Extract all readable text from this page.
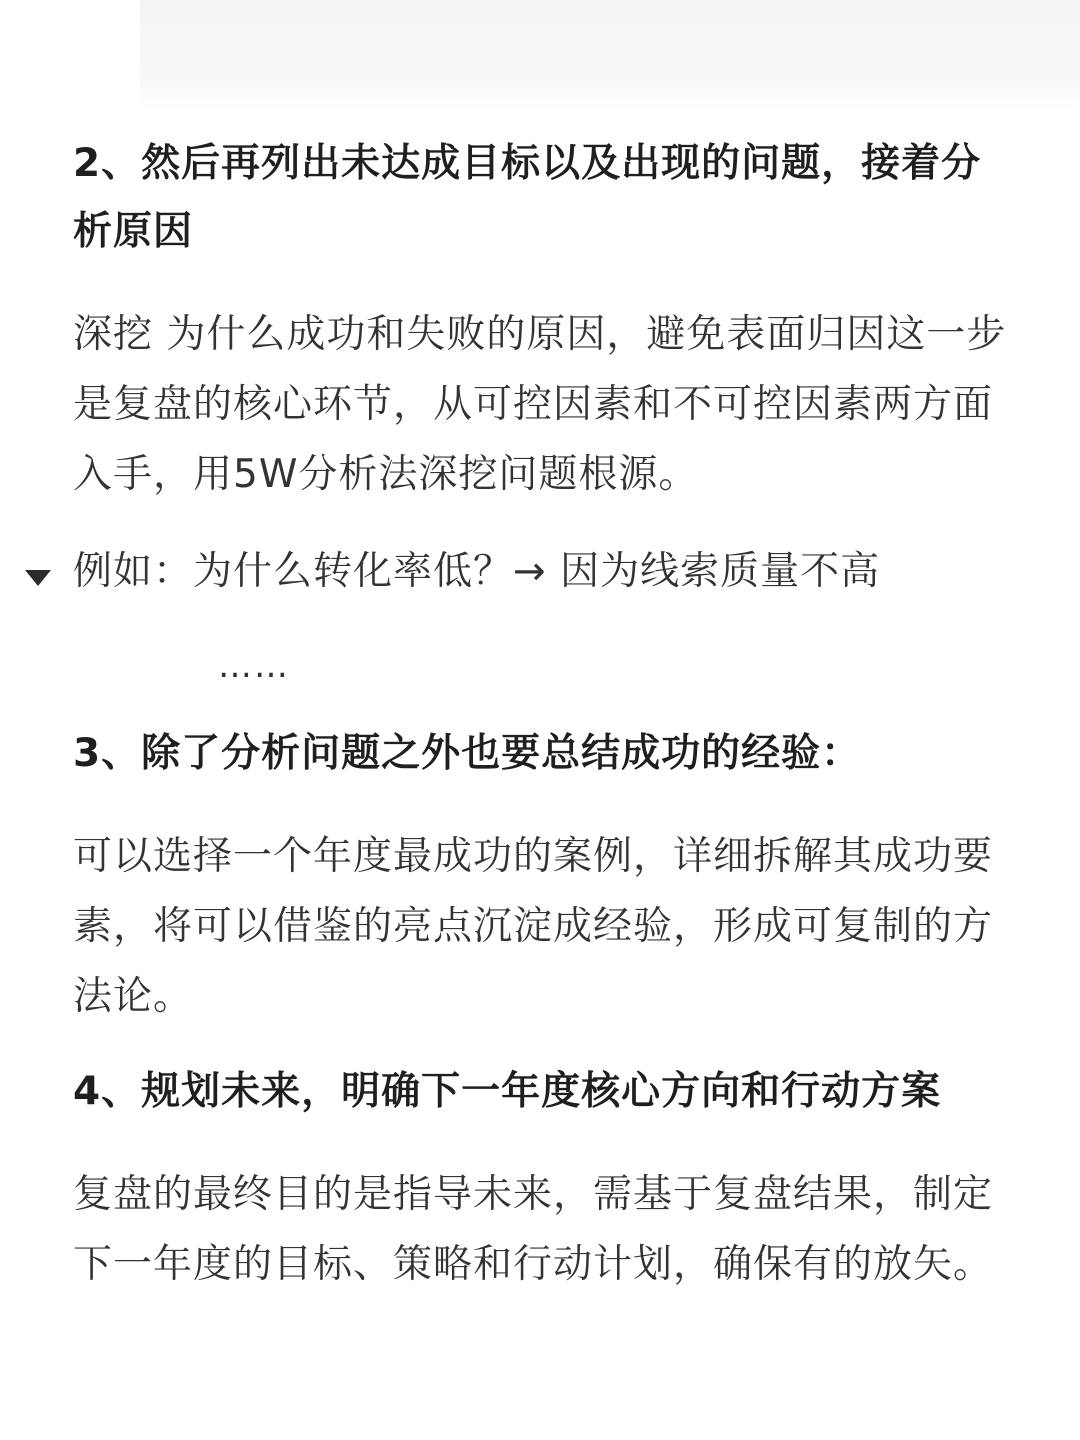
2、然后再列出未达成目标以及出现的问题，接着分析原因

深挖 为什么成功和失败的原因，避免表面归因这一步是复盘的核心环节，从可控因素和不可控因素两方面入手，用5W分析法深挖问题根源。

例如：为什么转化率低？→ 因为线索质量不高
……
3、除了分析问题之外也要总结成功的经验：

可以选择一个年度最成功的案例，详细拆解其成功要素，将可以借鉴的亮点沉淀成经验，形成可复制的方法论。

4、规划未来，明确下一年度核心方向和行动方案

复盘的最终目的是指导未来，需基于复盘结果，制定下一年度的目标、策略和行动计划，确保有的放矢。
